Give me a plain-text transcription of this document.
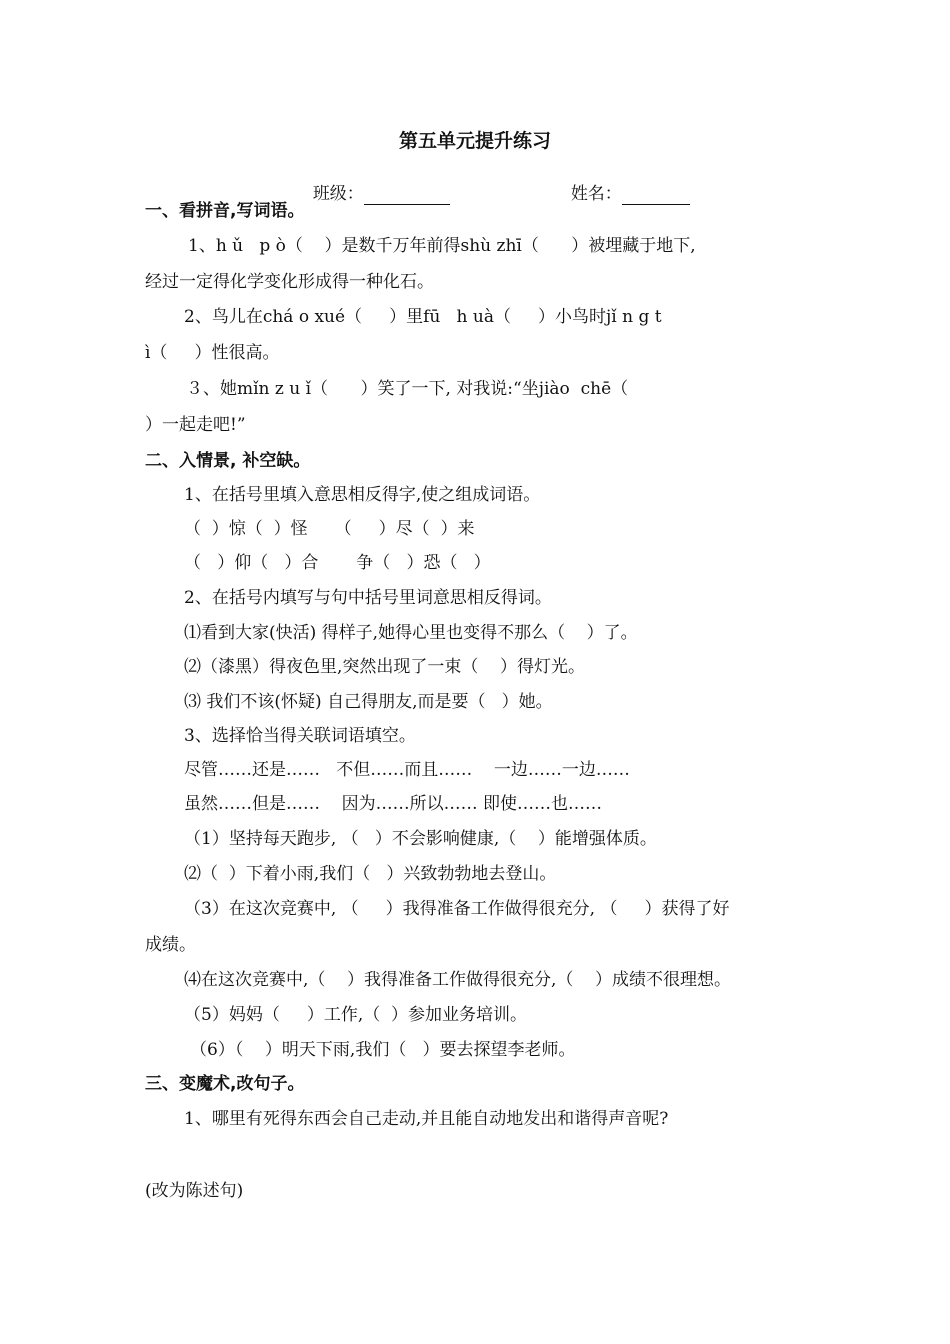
第五单元提升练习

班级：	姓名：

一、看拼音,写词语。
1、h ǔ   p ò（    ）是数千万年前得shù zhī（      ）被埋藏于地下,
经过一定得化学变化形成得一种化石。
2、鸟儿在chá o xué（     ）里fū   h uà（     ）小鸟时jǐ n g t
ì（     ）性很高。
３、她mǐn z u ǐ（      ）笑了一下, 对我说:“坐jiào  chē（
）一起走吧!”
二、入情景, 补空缺。
1、在括号里填入意思相反得字,使之组成词语。
（  ）惊（  ）怪     （     ）尽（  ）来
（   ）仰（   ）合       争（   ）恐（   ）
2、在括号内填写与句中括号里词意思相反得词。
⑴看到大家(快活) 得样子,她得心里也变得不那么（    ）了。
⑵（漆黑）得夜色里,突然出现了一束（    ）得灯光。
⑶ 我们不该(怀疑) 自己得朋友,而是要（   ）她。
3、选择恰当得关联词语填空。
尽管……还是……   不但……而且……    一边……一边……
虽然……但是……    因为……所以…… 即使……也……
（1）坚持每天跑步, （   ）不会影响健康,（    ）能增强体质。
⑵（  ）下着小雨,我们（   ）兴致勃勃地去登山。
（3）在这次竞赛中, （     ）我得准备工作做得很充分, （     ）获得了好
成绩。
⑷在这次竞赛中,（    ）我得准备工作做得很充分,（    ）成绩不很理想。
（5）妈妈（     ）工作,（  ）参加业务培训。
（6）（    ）明天下雨,我们（   ）要去探望李老师。
三、变魔术,改句子。
1、哪里有死得东西会自己走动,并且能自动地发出和谐得声音呢?
(改为陈述句)
